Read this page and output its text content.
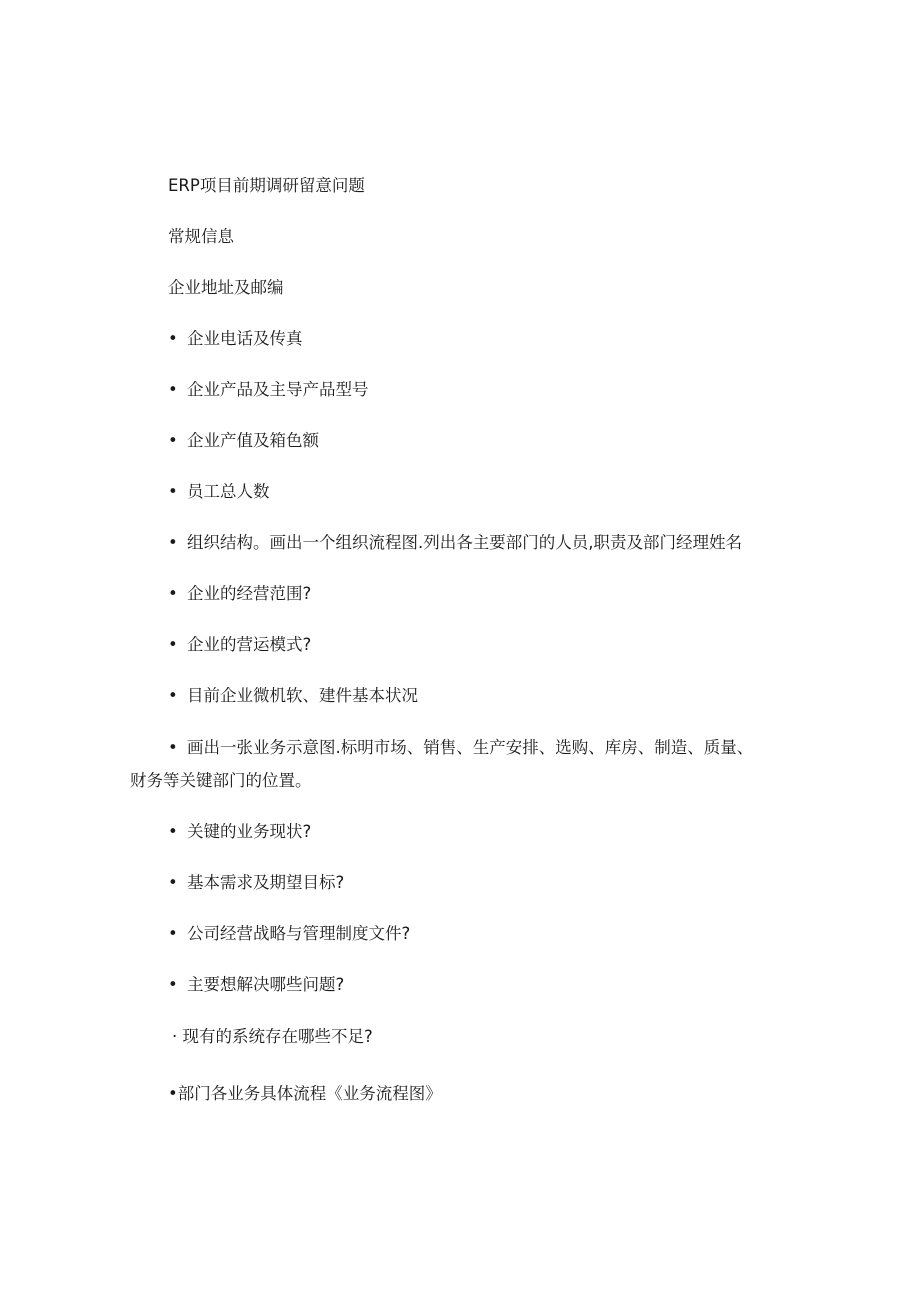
ERP项目前期调研留意问题
常规信息
企业地址及邮编
• 企业电话及传真
• 企业产品及主导产品型号
• 企业产值及箱色额
• 员工总人数
• 组织结构。画出一个组织流程图.列出各主要部门的人员,职责及部门经理姓名
• 企业的经营范围?
• 企业的营运模式?
• 目前企业微机软、建件基本状况
• 画出一张业务示意图.标明市场、销售、生产安排、选购、库房、制造、质量、
财务等关键部门的位置。
• 关键的业务现状?
• 基本需求及期望目标?
• 公司经营战略与管理制度文件?
• 主要想解决哪些问题?
· 现有的系统存在哪些不足?
•部门各业务具体流程《业务流程图》
